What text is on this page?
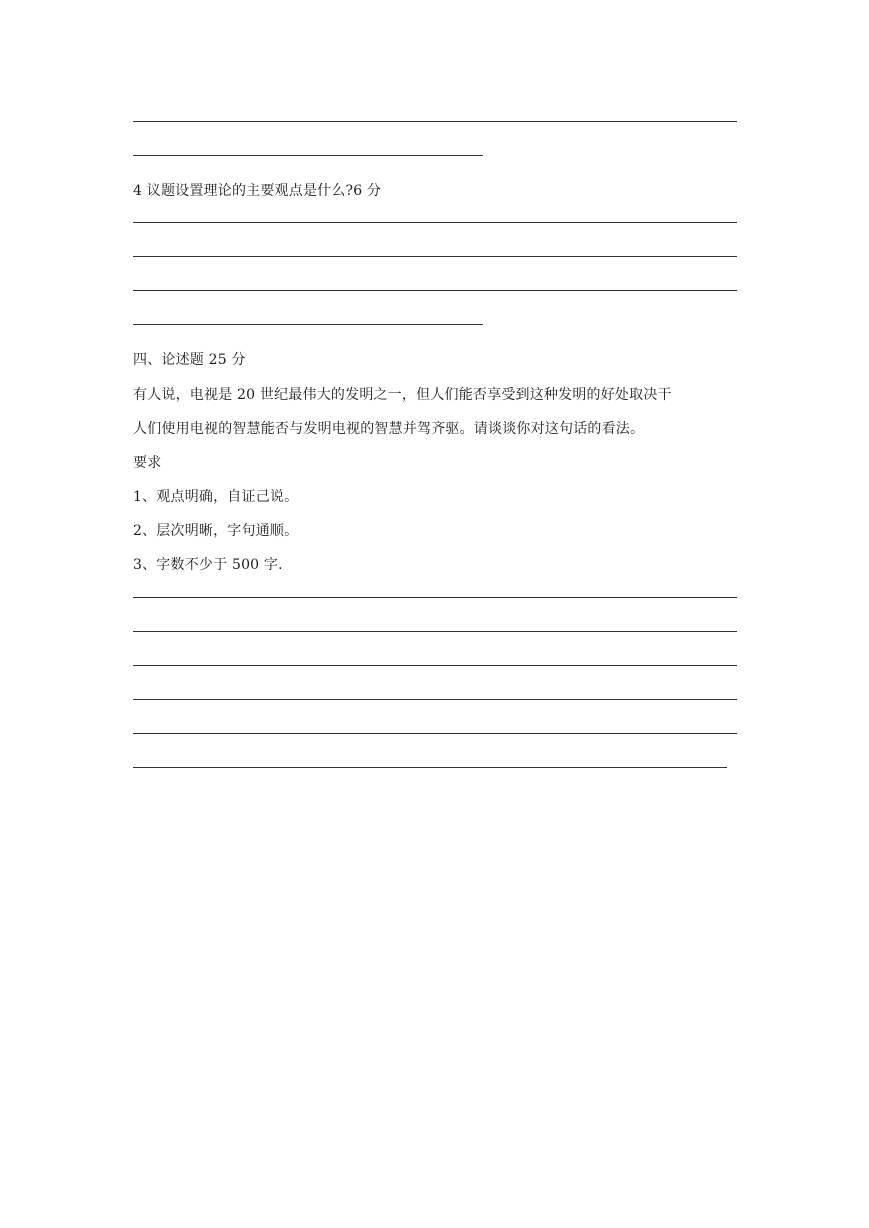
4 议题设置理论的主要观点是什么?6 分
四、论述题 25 分
有人说，电视是 20 世纪最伟大的发明之一，但人们能否享受到这种发明的好处取决干
人们使用电视的智慧能否与发明电视的智慧并驾齐驱。请谈谈你对这句话的看法。
要求
1、观点明确，自证己说。
2、层次明晰，字句通顺。
3、字数不少于 500 字.
